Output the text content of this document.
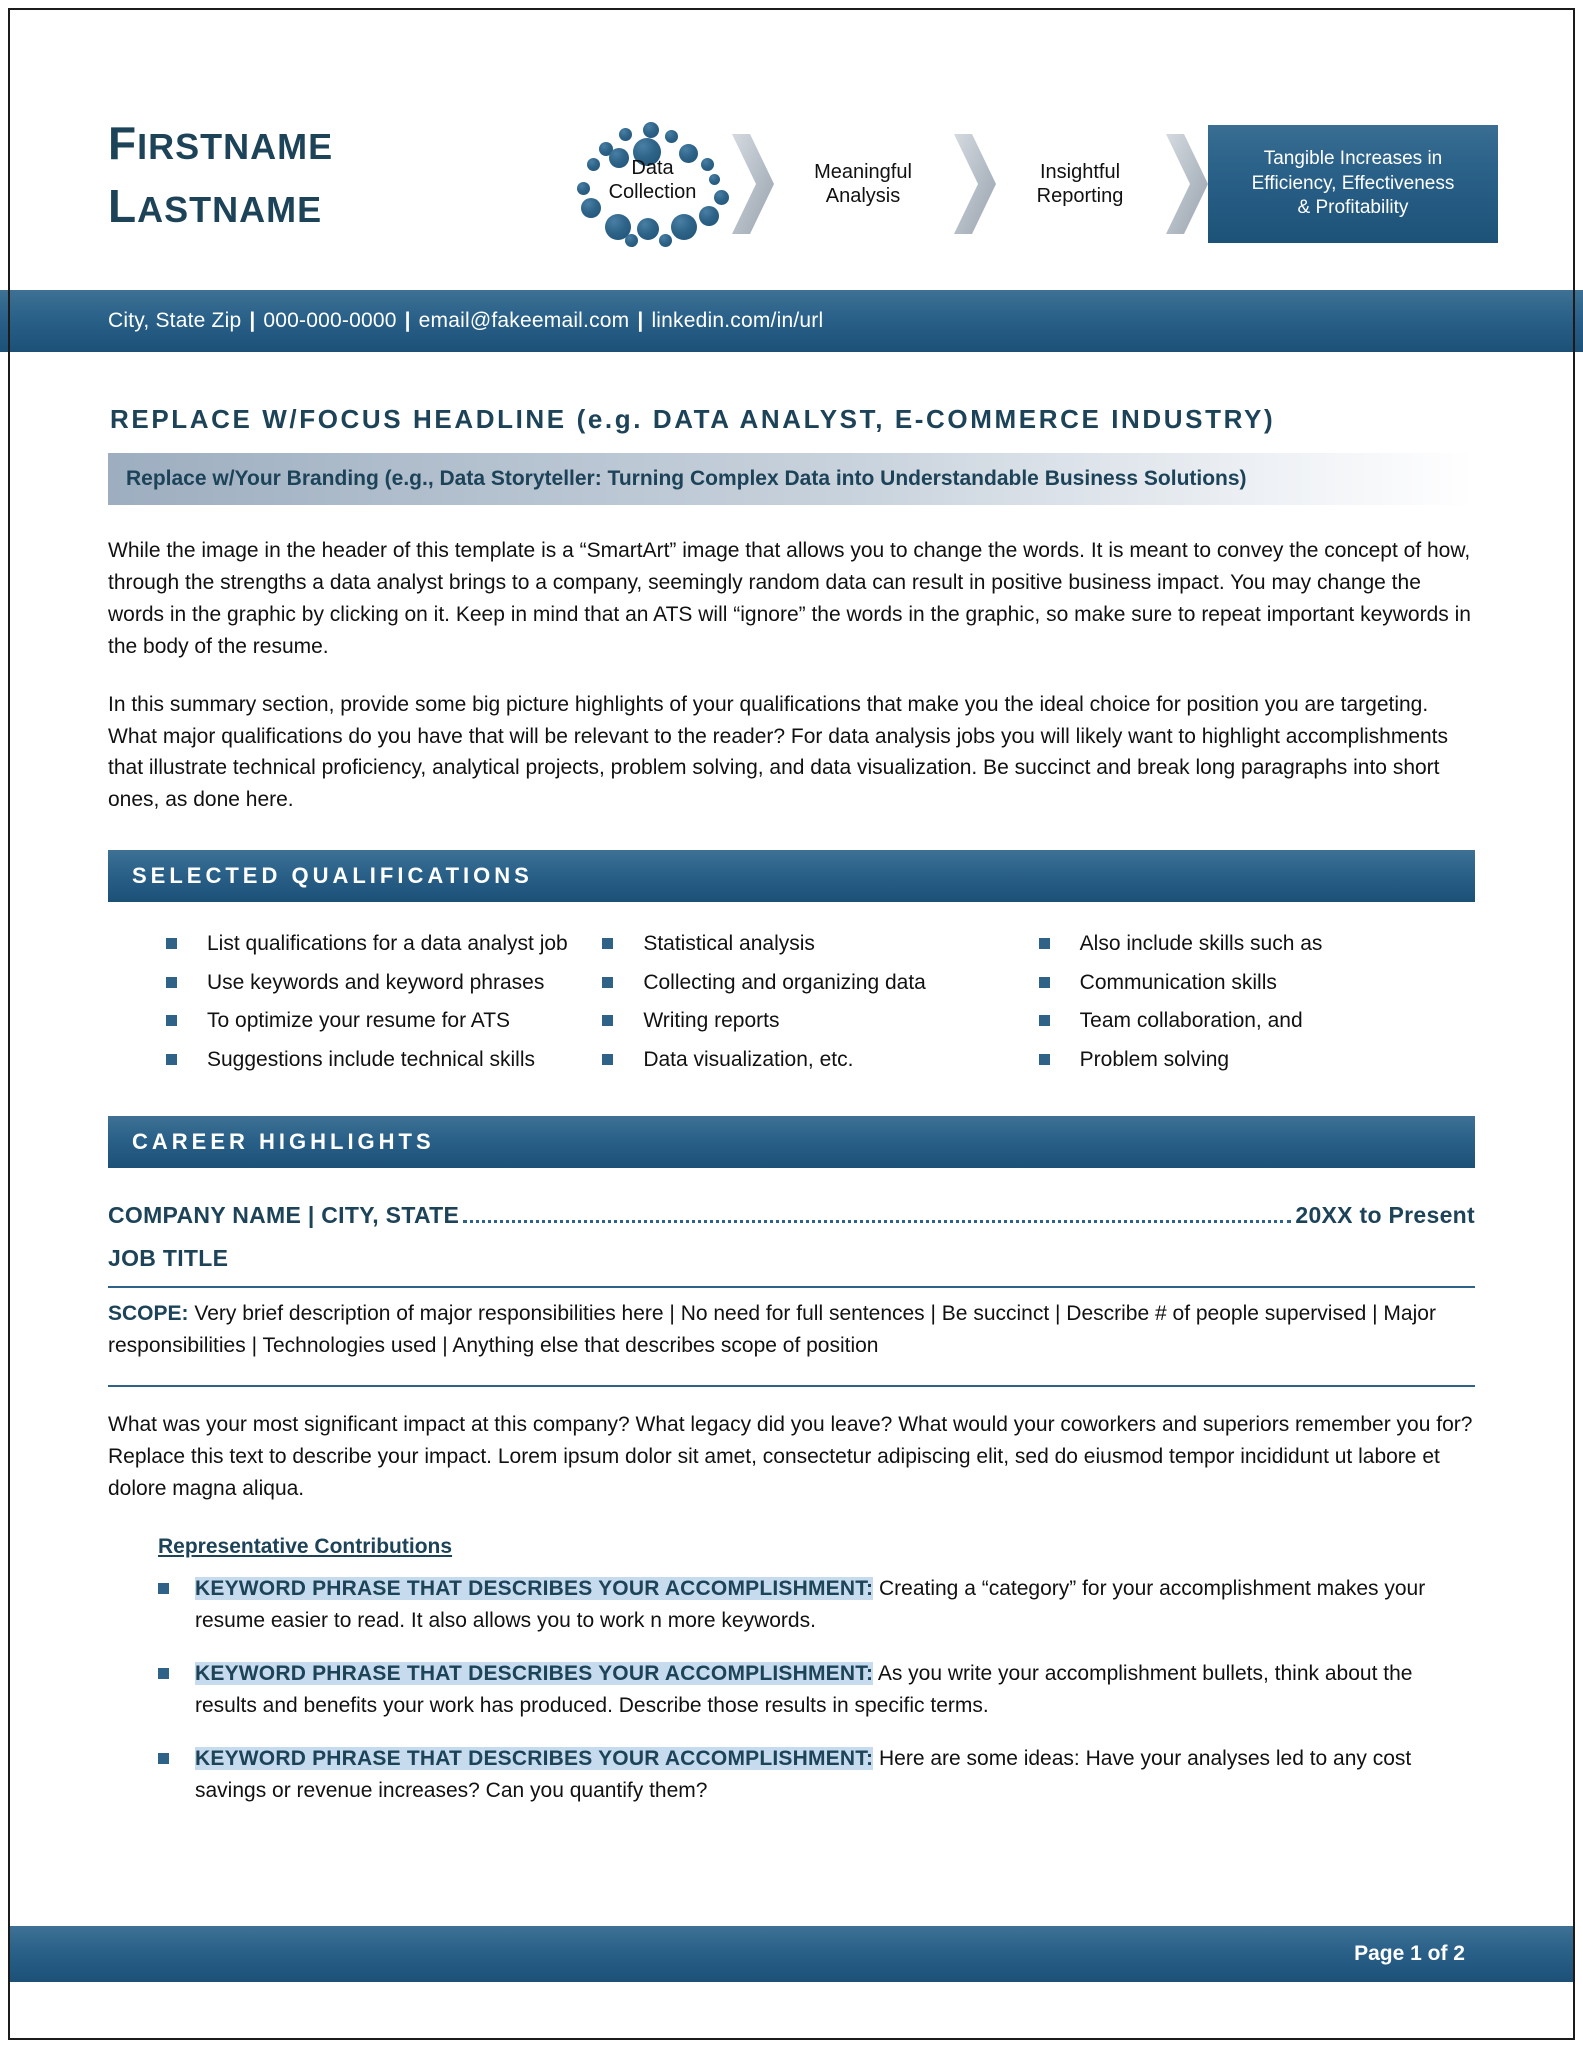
FIRSTNAME
LASTNAME
Data
Collection
Meaningful
Analysis
Insightful
Reporting
Tangible Increases in
Efficiency, Effectiveness
& Profitability
City, State Zip | 000-000-0000 | email@fakeemail.com | linkedin.com/in/url
REPLACE W/FOCUS HEADLINE (e.g. DATA ANALYST, E-COMMERCE INDUSTRY)
Replace w/Your Branding (e.g., Data Storyteller: Turning Complex Data into Understandable Business Solutions)

While the image in the header of this template is a “SmartArt” image that allows you to change the words. It is meant to convey the concept of how, through the strengths a data analyst brings to a company, seemingly random data can result in positive business impact. You may change the words in the graphic by clicking on it. Keep in mind that an ATS will “ignore” the words in the graphic, so make sure to repeat important keywords in the body of the resume.

In this summary section, provide some big picture highlights of your qualifications that make you the ideal choice for position you are targeting. What major qualifications do you have that will be relevant to the reader? For data analysis jobs you will likely want to highlight accomplishments that illustrate technical proficiency, analytical projects, problem solving, and data visualization. Be succinct and break long paragraphs into short ones, as done here.

SELECTED QUALIFICATIONS
List qualifications for a data analyst job
Use keywords and keyword phrases
To optimize your resume for ATS
Suggestions include technical skills
Statistical analysis
Collecting and organizing data
Writing reports
Data visualization, etc.
Also include skills such as
Communication skills
Team collaboration, and
Problem solving
CAREER HIGHLIGHTS
COMPANY NAME | CITY, STATE	20XX to Present
JOB TITLE
SCOPE: Very brief description of major responsibilities here | No need for full sentences | Be succinct | Describe # of people supervised | Major responsibilities | Technologies used | Anything else that describes scope of position

What was your most significant impact at this company? What legacy did you leave? What would your coworkers and superiors remember you for? Replace this text to describe your impact. Lorem ipsum dolor sit amet, consectetur adipiscing elit, sed do eiusmod tempor incididunt ut labore et dolore magna aliqua.

Representative Contributions
KEYWORD PHRASE THAT DESCRIBES YOUR ACCOMPLISHMENT: Creating a “category” for your accomplishment makes your resume easier to read. It also allows you to work n more keywords.
KEYWORD PHRASE THAT DESCRIBES YOUR ACCOMPLISHMENT: As you write your accomplishment bullets, think about the results and benefits your work has produced. Describe those results in specific terms.
KEYWORD PHRASE THAT DESCRIBES YOUR ACCOMPLISHMENT: Here are some ideas: Have your analyses led to any cost savings or revenue increases? Can you quantify them?
Page 1 of 2
